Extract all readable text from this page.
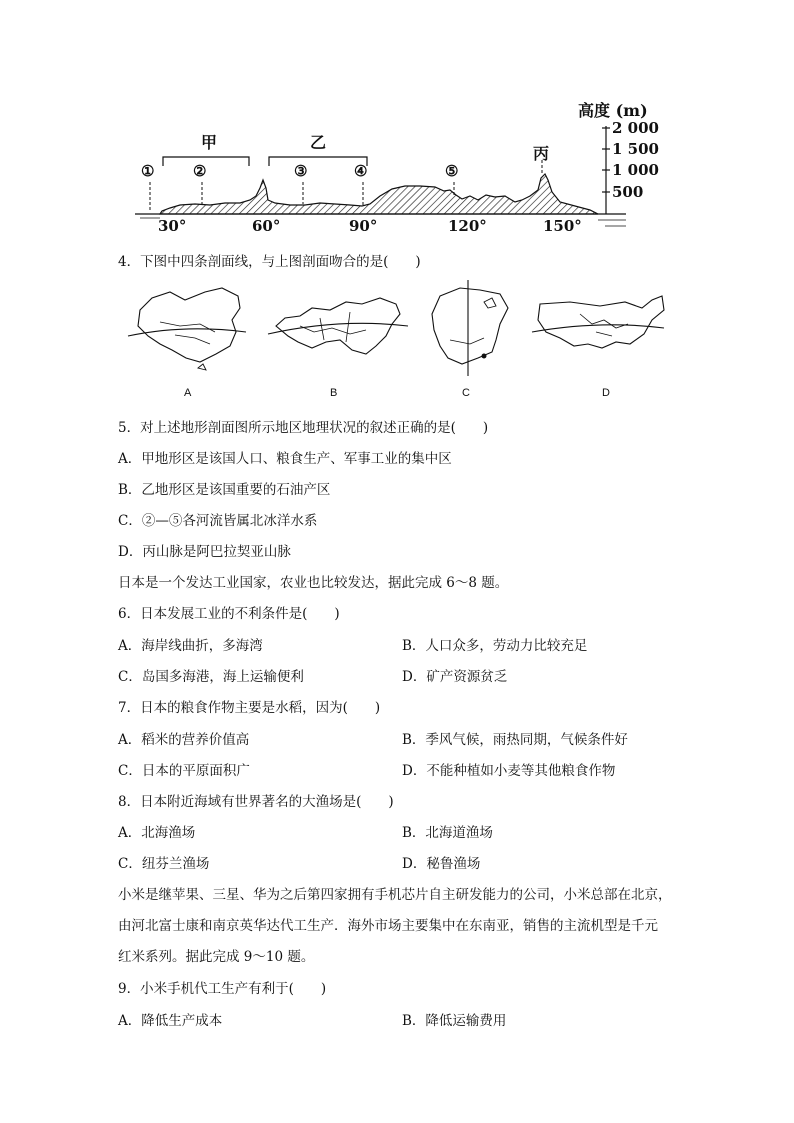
高度 (m)
2 000
1 500
1 000
500
甲	乙
丙
①	②	③	④	⑤
30°	60°	90°	120°	150°
4．下图中四条剖面线，与上图剖面吻合的是(　　)
A	B	C	D
5．对上述地形剖面图所示地区地理状况的叙述正确的是(　　)
A．甲地形区是该国人口、粮食生产、军事工业的集中区
B．乙地形区是该国重要的石油产区
C．②—⑤各河流皆属北冰洋水系
D．丙山脉是阿巴拉契亚山脉
日本是一个发达工业国家，农业也比较发达，据此完成 6～8 题。
6．日本发展工业的不利条件是(　　)
A．海岸线曲折，多海湾	B．人口众多，劳动力比较充足
C．岛国多海港，海上运输便利	D．矿产资源贫乏
7．日本的粮食作物主要是水稻，因为(　　)
A．稻米的营养价值高	B．季风气候，雨热同期，气候条件好
C．日本的平原面积广	D．不能种植如小麦等其他粮食作物
8．日本附近海域有世界著名的大渔场是(　　)
A．北海渔场	B．北海道渔场
C．纽芬兰渔场	D．秘鲁渔场
小米是继苹果、三星、华为之后第四家拥有手机芯片自主研发能力的公司，小米总部在北京，
由河北富士康和南京英华达代工生产．海外市场主要集中在东南亚，销售的主流机型是千元
红米系列。据此完成 9～10 题。
9．小米手机代工生产有利于(　　)
A．降低生产成本	B．降低运输费用
